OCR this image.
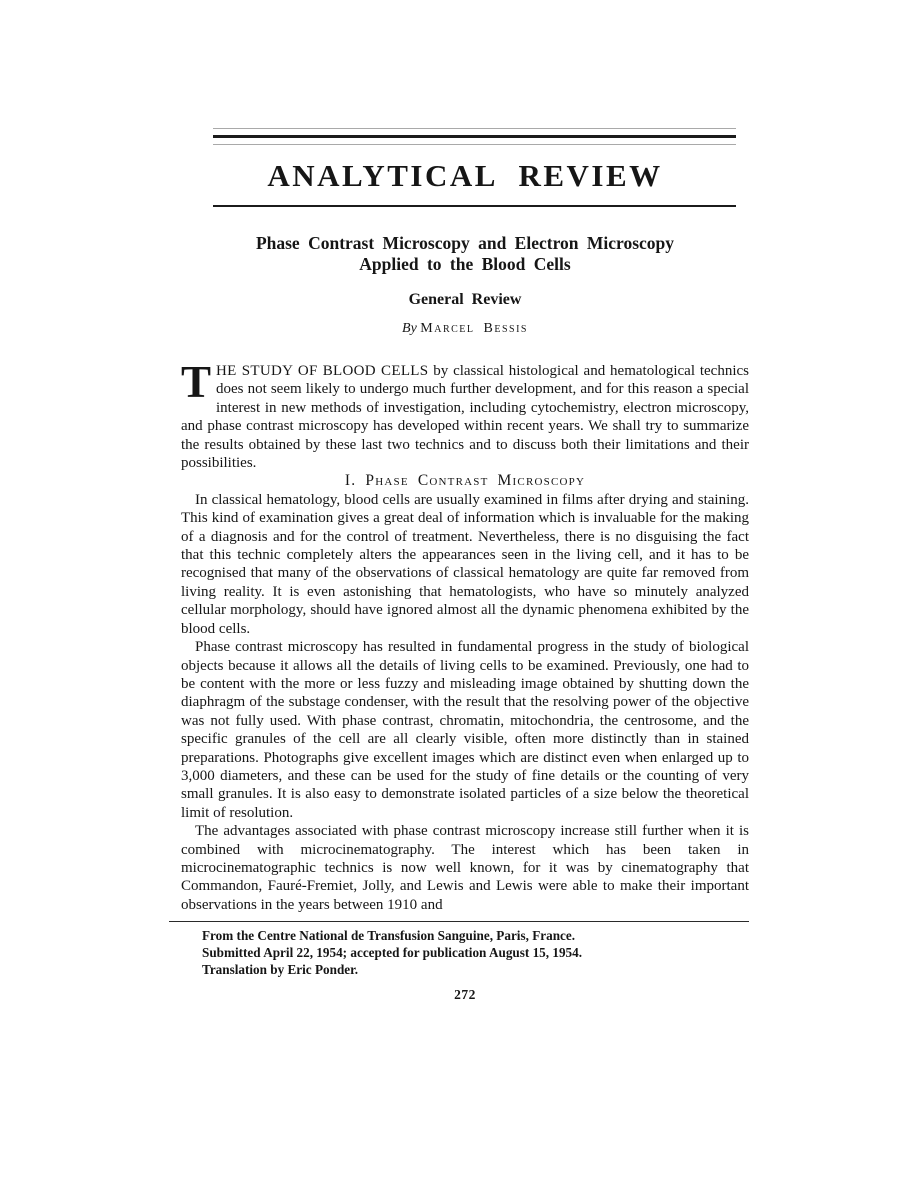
ANALYTICAL REVIEW
Phase Contrast Microscopy and Electron Microscopy
Applied to the Blood Cells
General Review
By Marcel Bessis

THE STUDY OF BLOOD CELLS by classical histological and hematological technics does not seem likely to undergo much further development, and for this reason a special interest in new methods of investigation, including cytochemistry, electron microscopy, and phase contrast microscopy has developed within recent years. We shall try to summarize the results obtained by these last two technics and to discuss both their limitations and their possibilities.

I. Phase Contrast Microscopy

In classical hematology, blood cells are usually examined in films after drying and staining. This kind of examination gives a great deal of information which is invaluable for the making of a diagnosis and for the control of treatment. Nevertheless, there is no disguising the fact that this technic completely alters the appearances seen in the living cell, and it has to be recognised that many of the observations of classical hematology are quite far removed from living reality. It is even astonishing that hematologists, who have so minutely analyzed cellular morphology, should have ignored almost all the dynamic phenomena exhibited by the blood cells.

Phase contrast microscopy has resulted in fundamental progress in the study of biological objects because it allows all the details of living cells to be examined. Previously, one had to be content with the more or less fuzzy and misleading image obtained by shutting down the diaphragm of the substage condenser, with the result that the resolving power of the objective was not fully used. With phase contrast, chromatin, mitochondria, the centrosome, and the specific granules of the cell are all clearly visible, often more distinctly than in stained preparations. Photographs give excellent images which are distinct even when enlarged up to 3,000 diameters, and these can be used for the study of fine details or the counting of very small granules. It is also easy to demonstrate isolated particles of a size below the theoretical limit of resolution.

The advantages associated with phase contrast microscopy increase still further when it is combined with microcinematography. The interest which has been taken in microcinematographic technics is now well known, for it was by cinematography that Commandon, Fauré-Fremiet, Jolly, and Lewis and Lewis were able to make their important observations in the years between 1910 and

From the Centre National de Transfusion Sanguine, Paris, France.

Submitted April 22, 1954; accepted for publication August 15, 1954.

Translation by Eric Ponder.

272
